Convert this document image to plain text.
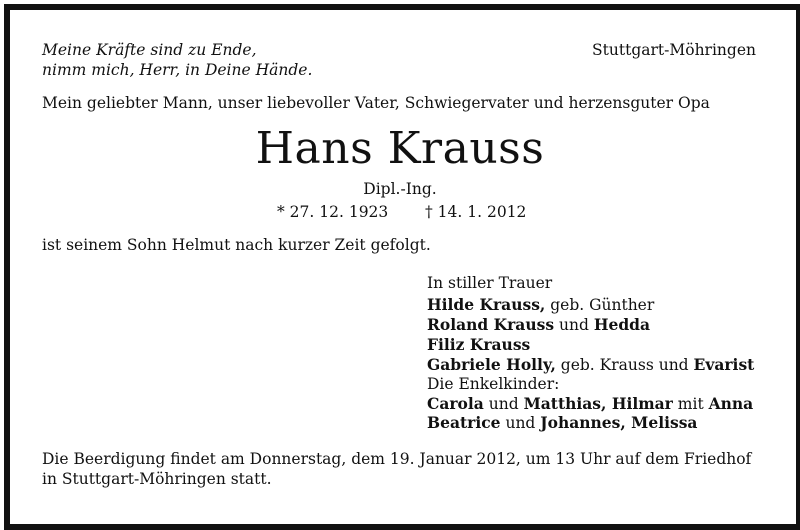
Meine Kräfte sind zu Ende,
nimm mich, Herr, in Deine Hände.
Stuttgart-Möhringen
Mein geliebter Mann, unser liebevoller Vater, Schwiegervater und herzensguter Opa
Hans Krauss
Dipl.-Ing.
* 27. 12. 1923 † 14. 1. 2012
ist seinem Sohn Helmut nach kurzer Zeit gefolgt.
In stiller Trauer
Hilde Krauss, geb. Günther
Roland Krauss und Hedda
Filiz Krauss
Gabriele Holly, geb. Krauss und Evarist
Die Enkelkinder:
Carola und Matthias, Hilmar mit Anna
Beatrice und Johannes, Melissa
Die Beerdigung findet am Donnerstag, dem 19. Januar 2012, um 13 Uhr auf dem Friedhof
in Stuttgart-Möhringen statt.
